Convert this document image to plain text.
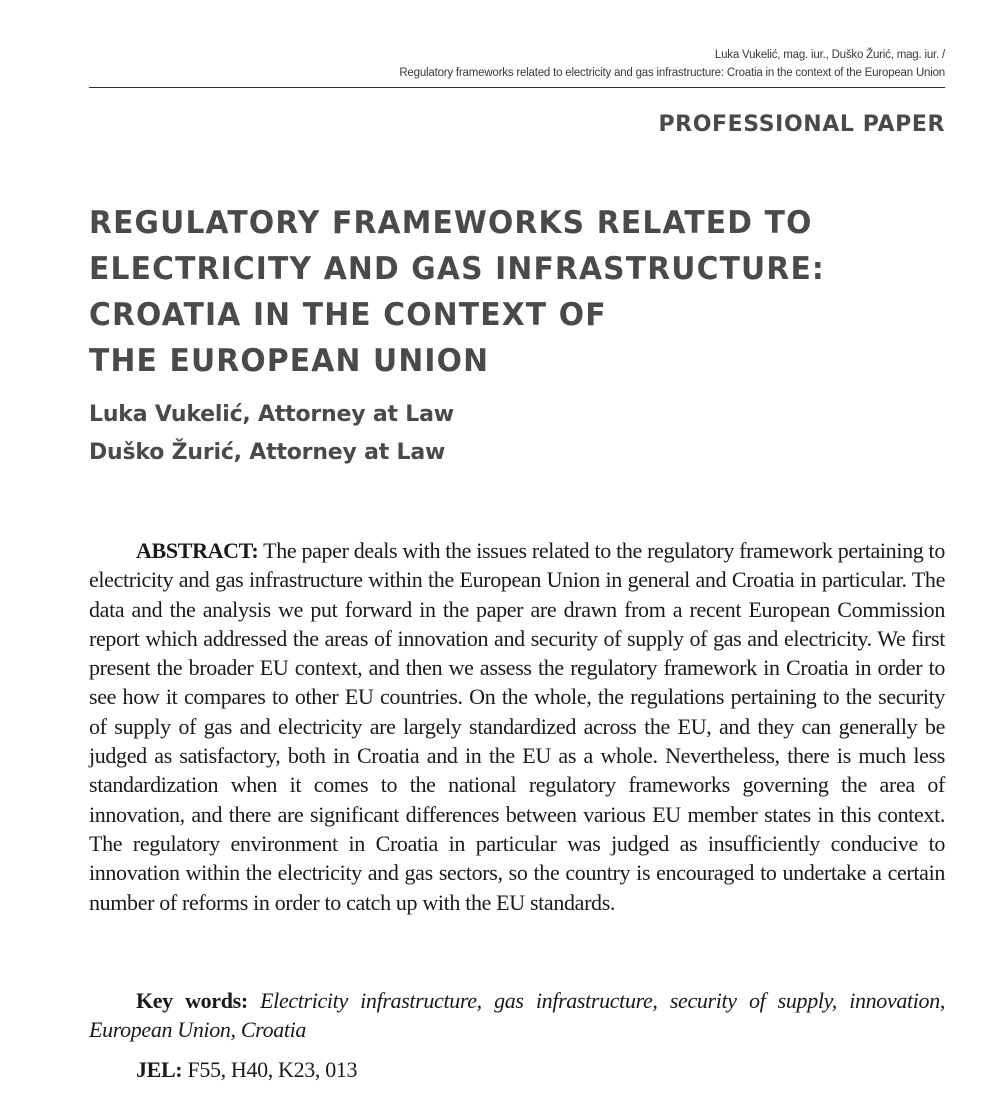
Luka Vukelić, mag. iur., Duško Žurić, mag. iur. /
Regulatory frameworks related to electricity and gas infrastructure: Croatia in the context of the European Union
PROFESSIONAL PAPER
REGULATORY FRAMEWORKS RELATED TO
ELECTRICITY AND GAS INFRASTRUCTURE:
CROATIA IN THE CONTEXT OF
THE EUROPEAN UNION
Luka Vukelić, Attorney at Law
Duško Žurić, Attorney at Law

ABSTRACT: The paper deals with the issues related to the regulatory framework pertaining to electricity and gas infrastructure within the European Union in general and Croatia in particular. The data and the analysis we put forward in the paper are drawn from a recent European Commission report which addressed the areas of innovation and security of supply of gas and electricity. We first present the broader EU context, and then we assess the regulatory framework in Croatia in order to see how it compares to other EU countries. On the whole, the regulations pertaining to the security of supply of gas and electricity are largely standardized across the EU, and they can generally be judged as satisfactory, both in Croatia and in the EU as a whole. Nevertheless, there is much less standardization when it comes to the national regulatory frameworks governing the area of innovation, and there are significant differences between various EU member states in this context. The regulatory environment in Croatia in particular was judged as insufficiently conducive to innovation within the electricity and gas sectors, so the country is encouraged to undertake a certain number of reforms in order to catch up with the EU standards.

Key words: Electricity infrastructure, gas infrastructure, security of supply, innovation, European Union, Croatia

JEL: F55, H40, K23, 013
